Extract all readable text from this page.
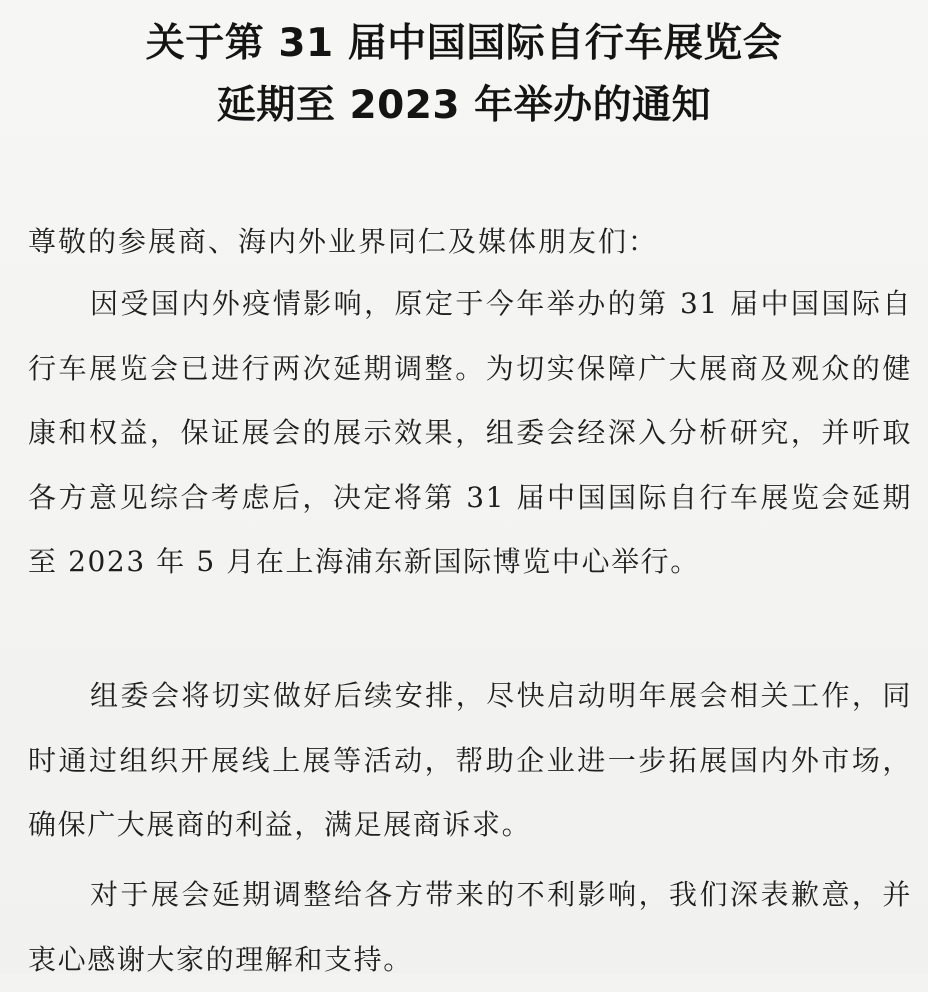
关于第 31 届中国国际自行车展览会
延期至 2023 年举办的通知
尊敬的参展商、海内外业界同仁及媒体朋友们：

因受国内外疫情影响，原定于今年举办的第 31 届中国国际自行车展览会已进行两次延期调整。为切实保障广大展商及观众的健康和权益，保证展会的展示效果，组委会经深入分析研究，并听取各方意见综合考虑后，决定将第 31 届中国国际自行车展览会延期至 2023 年 5 月在上海浦东新国际博览中心举行。

组委会将切实做好后续安排，尽快启动明年展会相关工作，同时通过组织开展线上展等活动，帮助企业进一步拓展国内外市场，确保广大展商的利益，满足展商诉求。

对于展会延期调整给各方带来的不利影响，我们深表歉意，并衷心感谢大家的理解和支持。
